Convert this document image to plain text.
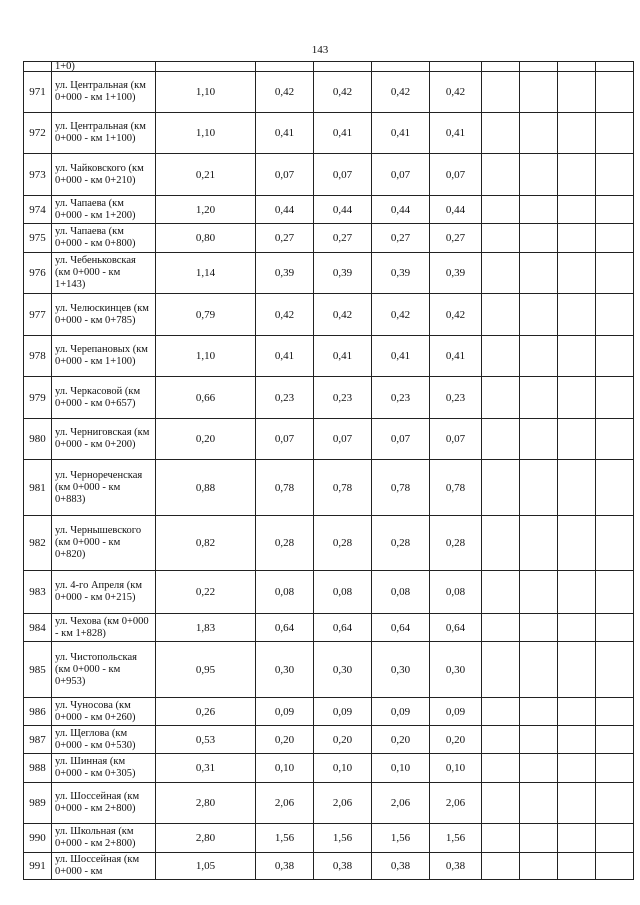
143
	1+0)									
971	ул. Центральная (км 0+000 - км 1+100)	1,10	0,42	0,42	0,42	0,42				
972	ул. Центральная (км 0+000 - км 1+100)	1,10	0,41	0,41	0,41	0,41				
973	ул. Чайковского (км 0+000 - км 0+210)	0,21	0,07	0,07	0,07	0,07				
974	ул. Чапаева (км 0+000 - км 1+200)	1,20	0,44	0,44	0,44	0,44				
975	ул. Чапаева (км 0+000 - км 0+800)	0,80	0,27	0,27	0,27	0,27				
976	ул. Чебеньковская (км 0+000 - км 1+143)	1,14	0,39	0,39	0,39	0,39				
977	ул. Челюскинцев (км 0+000 - км 0+785)	0,79	0,42	0,42	0,42	0,42				
978	ул. Черепановых (км 0+000 - км 1+100)	1,10	0,41	0,41	0,41	0,41				
979	ул. Черкасовой (км 0+000 - км 0+657)	0,66	0,23	0,23	0,23	0,23				
980	ул. Черниговская (км 0+000 - км 0+200)	0,20	0,07	0,07	0,07	0,07				
981	ул. Чернореченская (км 0+000 - км 0+883)	0,88	0,78	0,78	0,78	0,78				
982	ул. Чернышевского (км 0+000 - км 0+820)	0,82	0,28	0,28	0,28	0,28				
983	ул. 4-го Апреля (км 0+000 - км 0+215)	0,22	0,08	0,08	0,08	0,08				
984	ул. Чехова (км 0+000 - км 1+828)	1,83	0,64	0,64	0,64	0,64				
985	ул. Чистопольская (км 0+000 - км 0+953)	0,95	0,30	0,30	0,30	0,30				
986	ул. Чуносова (км 0+000 - км 0+260)	0,26	0,09	0,09	0,09	0,09				
987	ул. Щеглова (км 0+000 - км 0+530)	0,53	0,20	0,20	0,20	0,20				
988	ул. Шинная (км 0+000 - км 0+305)	0,31	0,10	0,10	0,10	0,10				
989	ул. Шоссейная (км 0+000 - км 2+800)	2,80	2,06	2,06	2,06	2,06				
990	ул. Школьная (км 0+000 - км 2+800)	2,80	1,56	1,56	1,56	1,56				
991	ул. Шоссейная (км 0+000 - км	1,05	0,38	0,38	0,38	0,38				
